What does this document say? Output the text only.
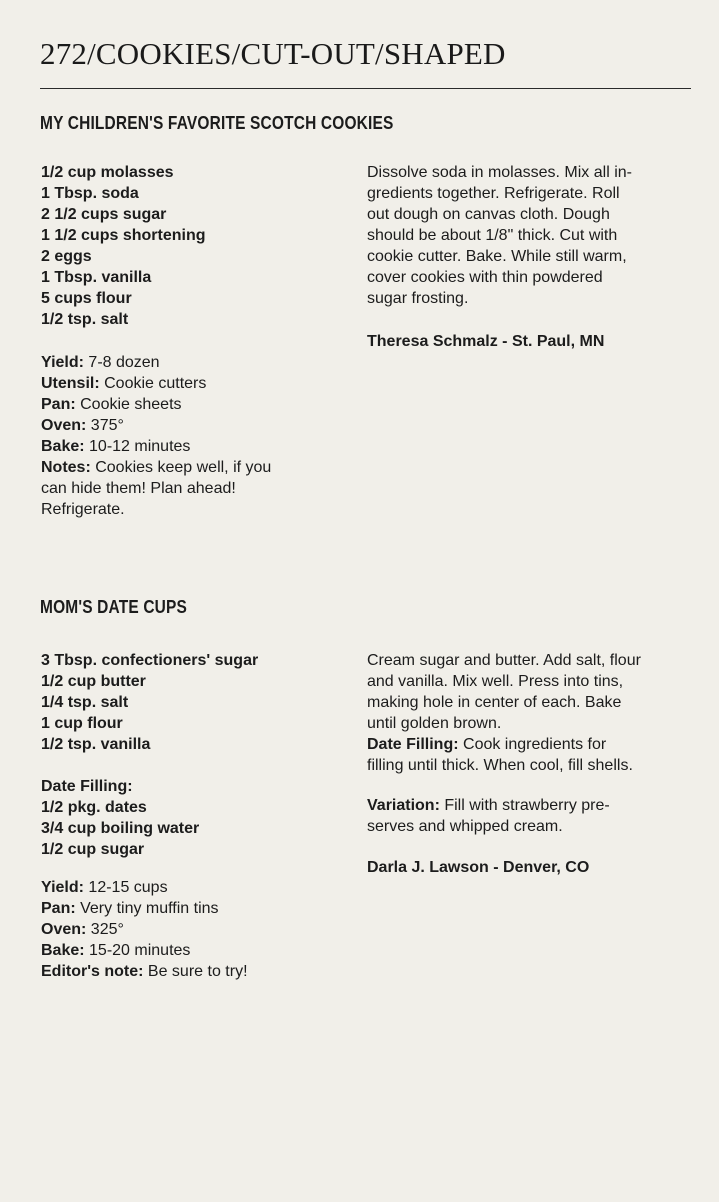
272/COOKIES/CUT-OUT/SHAPED
MY CHILDREN'S FAVORITE SCOTCH COOKIES
1/2 cup molasses
1 Tbsp. soda
2 1/2 cups sugar
1 1/2 cups shortening
2 eggs
1 Tbsp. vanilla
5 cups flour
1/2 tsp. salt
Yield: 7-8 dozen
Utensil: Cookie cutters
Pan: Cookie sheets
Oven: 375°
Bake: 10-12 minutes
Notes: Cookies keep well, if you
can hide them! Plan ahead!
Refrigerate.
Dissolve soda in molasses. Mix all in-
gredients together. Refrigerate. Roll
out dough on canvas cloth. Dough
should be about 1/8" thick. Cut with
cookie cutter. Bake. While still warm,
cover cookies with thin powdered
sugar frosting.
Theresa Schmalz - St. Paul, MN
MOM'S DATE CUPS
3 Tbsp. confectioners' sugar
1/2 cup butter
1/4 tsp. salt
1 cup flour
1/2 tsp. vanilla
Date Filling:
1/2 pkg. dates
3/4 cup boiling water
1/2 cup sugar
Yield: 12-15 cups
Pan: Very tiny muffin tins
Oven: 325°
Bake: 15-20 minutes
Editor's note: Be sure to try!
Cream sugar and butter. Add salt, flour
and vanilla. Mix well. Press into tins,
making hole in center of each. Bake
until golden brown.
Date Filling: Cook ingredients for
filling until thick. When cool, fill shells.
Variation: Fill with strawberry pre-
serves and whipped cream.
Darla J. Lawson - Denver, CO
